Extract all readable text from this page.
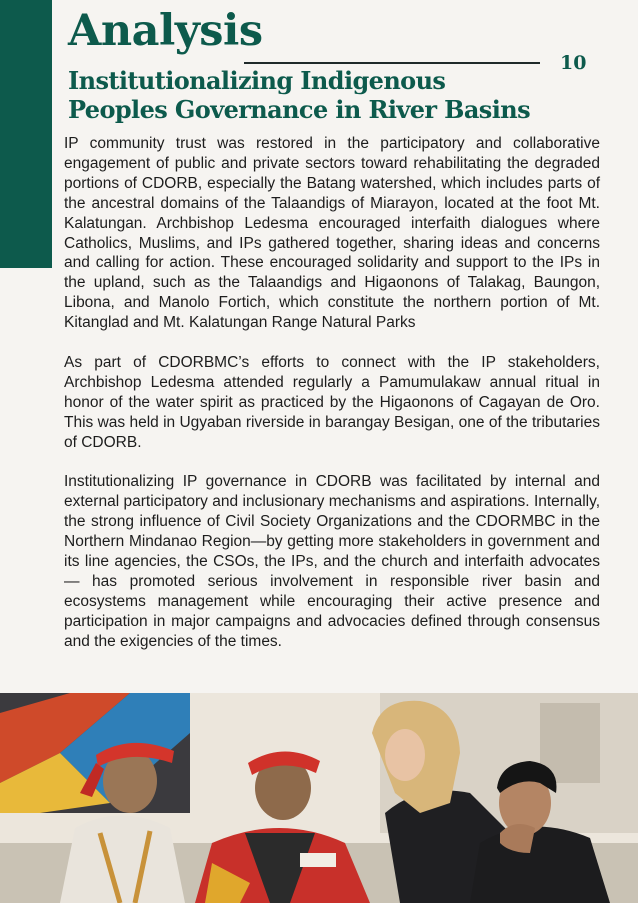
Analysis
10
Institutionalizing Indigenous Peoples Governance in River Basins

IP community trust was restored in the participatory and collaborative engagement of public and private sectors toward rehabilitating the degraded portions of CDORB, especially the Batang watershed, which includes parts of the ancestral domains of the Talaandigs of Miarayon, located at the foot Mt. Kalatungan. Archbishop Ledesma encouraged interfaith dialogues where Catholics, Muslims, and IPs gathered together, sharing ideas and concerns and calling for action. These encouraged solidarity and support to the IPs in the upland, such as the Talaandigs and Higaonons of Talakag, Baungon, Libona, and Manolo Fortich, which constitute the northern portion of Mt. Kitanglad and Mt. Kalatungan Range Natural Parks

As part of CDORBMC’s efforts to connect with the IP stakeholders, Archbishop Ledesma attended regularly a Pamumulakaw annual ritual in honor of the water spirit as practiced by the Higaonons of Cagayan de Oro. This was held in Ugyaban riverside in barangay Besigan, one of the tributaries of CDORB.

Institutionalizing IP governance in CDORB was facilitated by internal and external participatory and inclusionary mechanisms and aspirations. Internally, the strong influence of Civil Society Organizations and the CDORMBC in the Northern Mindanao Region—by getting more stakeholders in government and its line agencies, the CSOs, the IPs, and the church and interfaith advocates— has promoted serious involvement in responsible river basin and ecosystems management while encouraging their active presence and participation in major campaigns and advocacies defined through consensus and the exigencies of the times.
